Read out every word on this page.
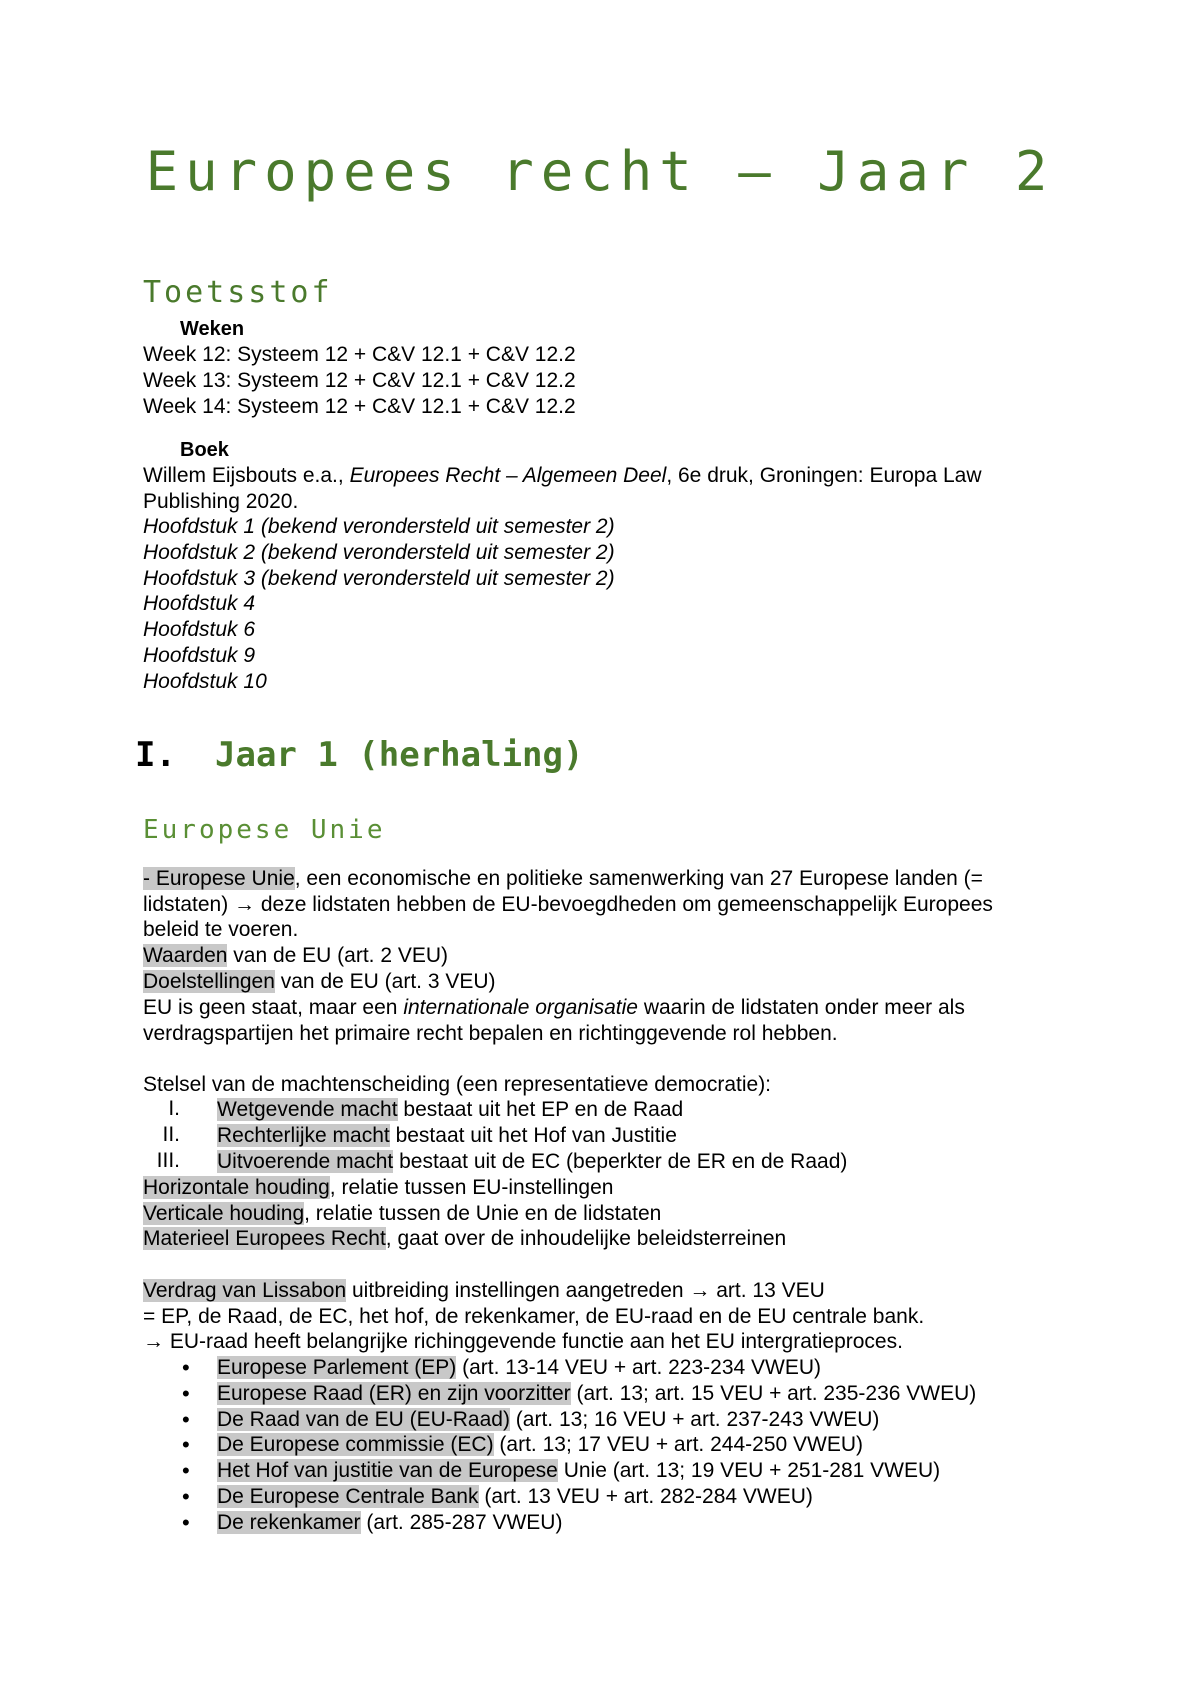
Europees recht – Jaar 2
Toetsstof
Weken
Week 12: Systeem 12 + C&V 12.1 + C&V 12.2
Week 13: Systeem 12 + C&V 12.1 + C&V 12.2
Week 14: Systeem 12 + C&V 12.1 + C&V 12.2
Boek
Willem Eijsbouts e.a., Europees Recht – Algemeen Deel, 6e druk, Groningen: Europa Law
Publishing 2020.
Hoofdstuk 1 (bekend verondersteld uit semester 2)
Hoofdstuk 2 (bekend verondersteld uit semester 2)
Hoofdstuk 3 (bekend verondersteld uit semester 2)
Hoofdstuk 4
Hoofdstuk 6
Hoofdstuk 9
Hoofdstuk 10
I. Jaar 1 (herhaling)
Europese Unie
- Europese Unie, een economische en politieke samenwerking van 27 Europese landen (=
lidstaten) → deze lidstaten hebben de EU-bevoegdheden om gemeenschappelijk Europees
beleid te voeren.
Waarden van de EU (art. 2 VEU)
Doelstellingen van de EU (art. 3 VEU)
EU is geen staat, maar een internationale organisatie waarin de lidstaten onder meer als
verdragspartijen het primaire recht bepalen en richtinggevende rol hebben.
Stelsel van de machtenscheiding (een representatieve democratie):
I. Wetgevende macht bestaat uit het EP en de Raad
II. Rechterlijke macht bestaat uit het Hof van Justitie
III. Uitvoerende macht bestaat uit de EC (beperkter de ER en de Raad)
Horizontale houding, relatie tussen EU-instellingen
Verticale houding, relatie tussen de Unie en de lidstaten
Materieel Europees Recht, gaat over de inhoudelijke beleidsterreinen
Verdrag van Lissabon uitbreiding instellingen aangetreden → art. 13 VEU
= EP, de Raad, de EC, het hof, de rekenkamer, de EU-raad en de EU centrale bank.
→ EU-raad heeft belangrijke richinggevende functie aan het EU intergratieproces.
• Europese Parlement (EP) (art. 13-14 VEU + art. 223-234 VWEU)
• Europese Raad (ER) en zijn voorzitter (art. 13; art. 15 VEU + art. 235-236 VWEU)
• De Raad van de EU (EU-Raad) (art. 13; 16 VEU + art. 237-243 VWEU)
• De Europese commissie (EC) (art. 13; 17 VEU + art. 244-250 VWEU)
• Het Hof van justitie van de Europese Unie (art. 13; 19 VEU + 251-281 VWEU)
• De Europese Centrale Bank (art. 13 VEU + art. 282-284 VWEU)
• De rekenkamer (art. 285-287 VWEU)
